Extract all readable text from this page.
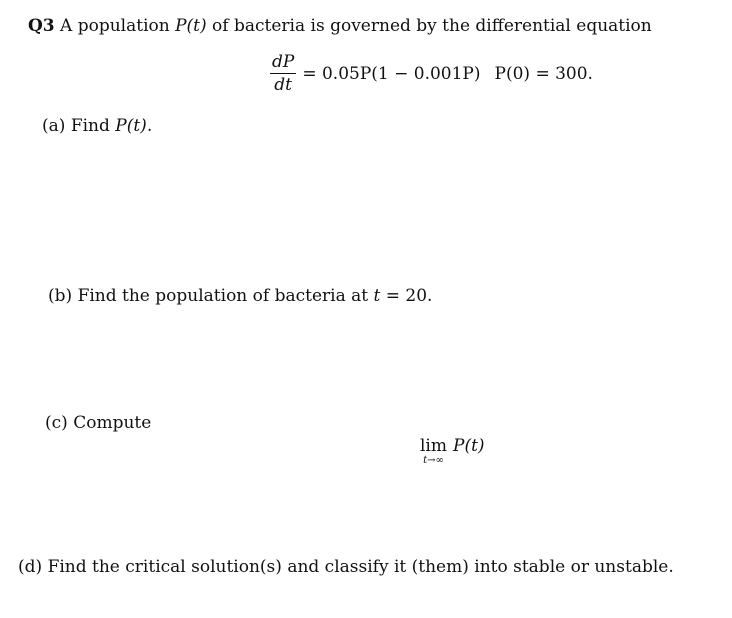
Q3 A population P(t) of bacteria is governed by the differential equation
$\frac{dP}{dt} = 0.05P(1 - 0.001P) P(0) = 300$.
(a) Find P(t).
(b) Find the population of bacteria at t = 20.
(c) Compute
lim
t→∞
P(t)
(d) Find the critical solution(s) and classify it (them) into stable or unstable.
